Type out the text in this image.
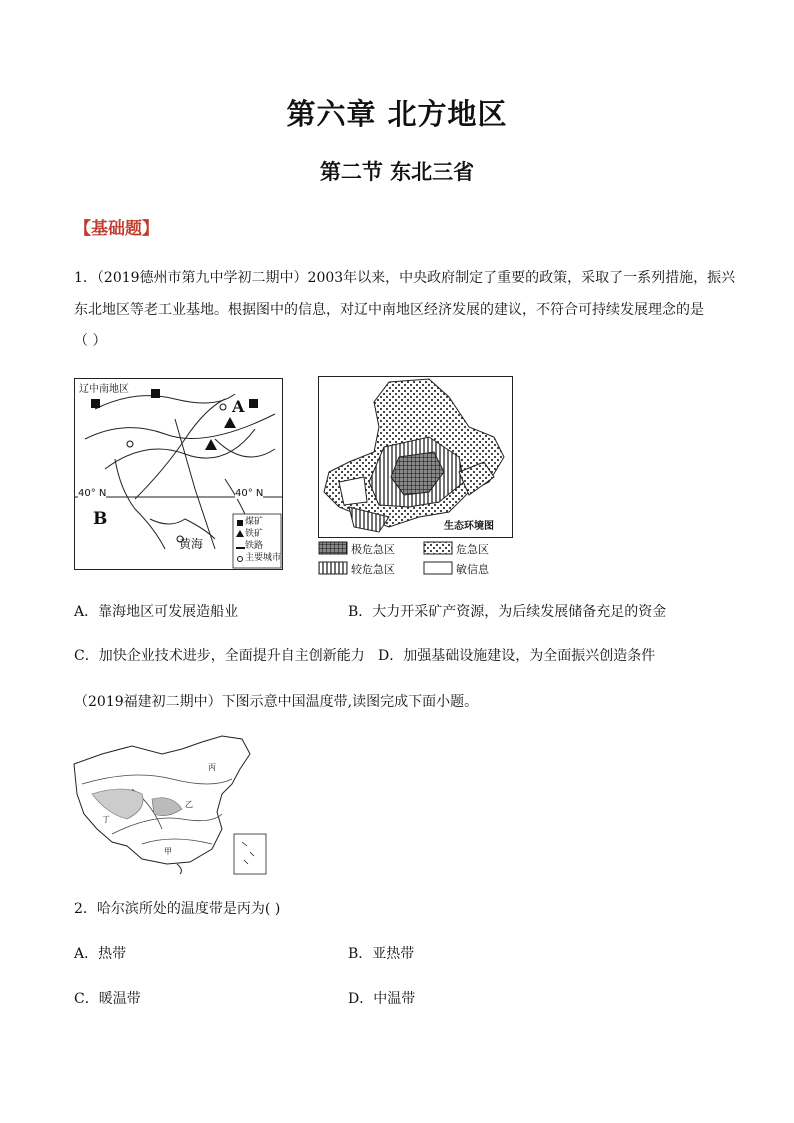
第六章 北方地区
第二节 东北三省
【基础题】
1．（2019德州市第九中学初二期中）2003年以来，中央政府制定了重要的政策，采取了一系列措施，振兴
东北地区等老工业基地。根据图中的信息，对辽中南地区经济发展的建议，不符合可持续发展理念的是
（ ）
辽中南地区
A
B
40° N	40° N
黄海
煤矿
铁矿
铁路
主要城市
生态环境图
极危急区	危急区
较危急区	敏信息
A．靠海地区可发展造船业	B．大力开采矿产资源，为后续发展储备充足的资金
C．加快企业技术进步，全面提升自主创新能力 D．加强基础设施建设，为全面振兴创造条件
（2019福建初二期中）下图示意中国温度带,读图完成下面小题。
丙
乙
丁
甲
2．哈尔滨所处的温度带是丙为( )
A．热带	B．亚热带
C．暖温带	D．中温带
